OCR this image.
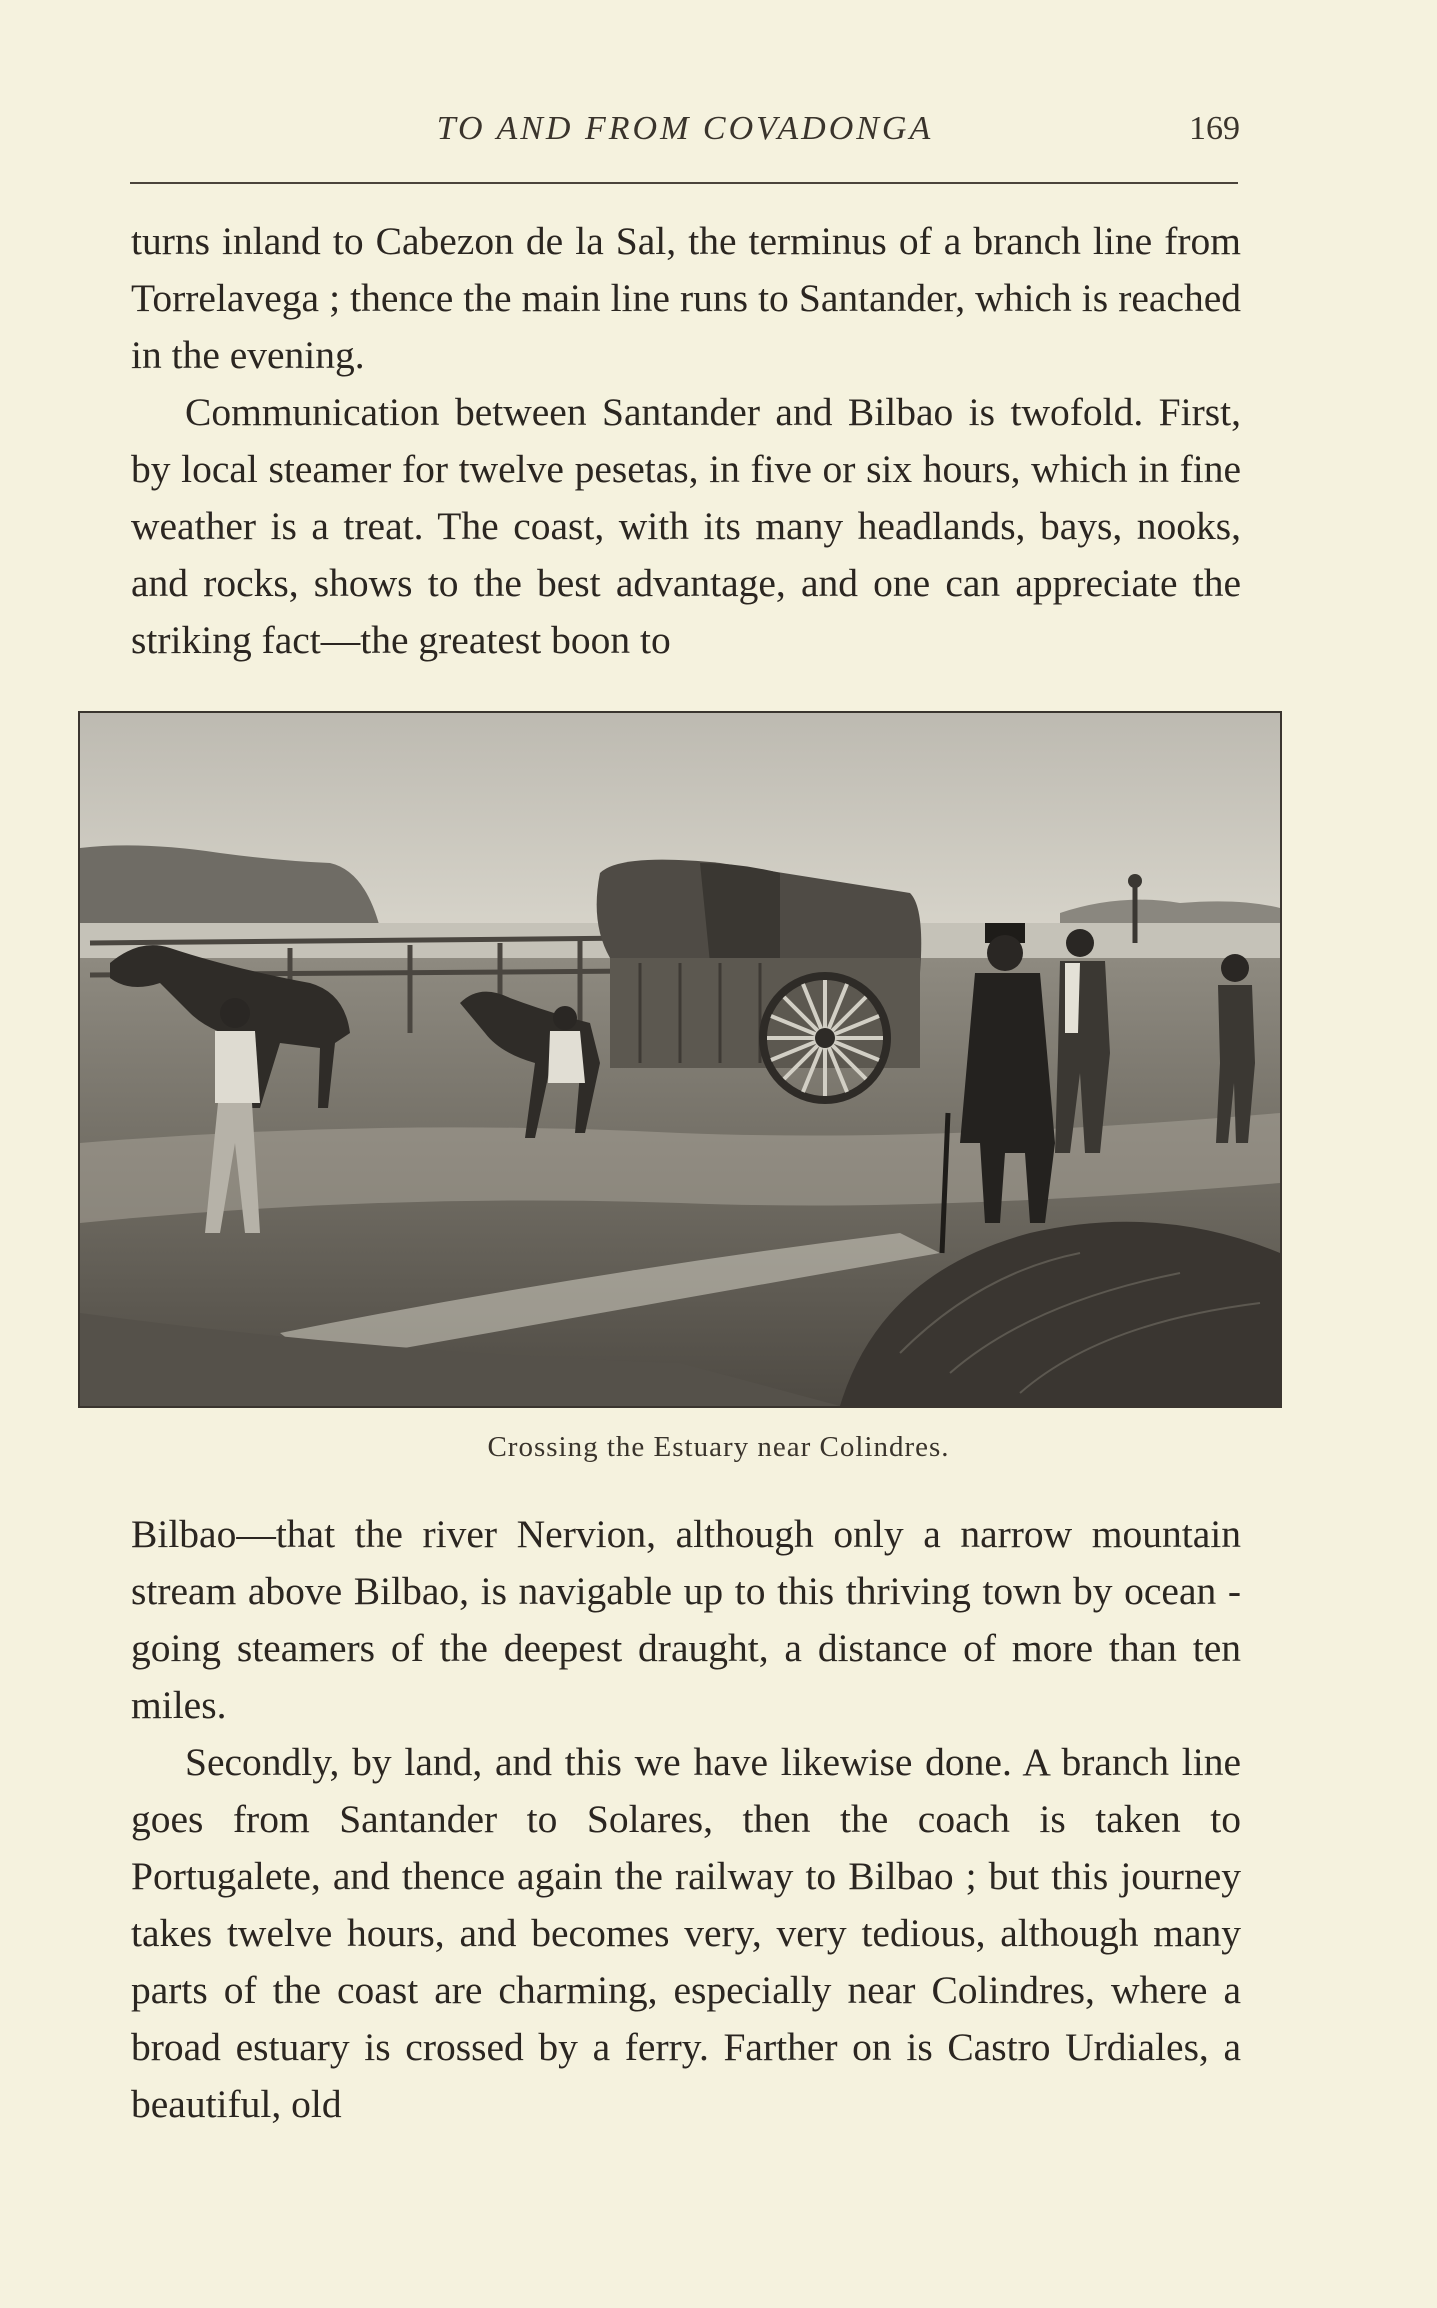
TO AND FROM COVADONGA	169

turns inland to Cabezon de la Sal, the terminus of a branch line from Torrelavega ; thence the main line runs to Santander, which is reached in the evening.

Communication between Santander and Bilbao is twofold. First, by local steamer for twelve pesetas, in five or six hours, which in fine weather is a treat. The coast, with its many headlands, bays, nooks, and rocks, shows to the best advantage, and one can appreciate the striking fact—the greatest boon to

Crossing the Estuary near Colindres.

Bilbao—that the river Nervion, although only a narrow mountain stream above Bilbao, is navigable up to this thriving town by ocean - going steamers of the deepest draught, a distance of more than ten miles.

Secondly, by land, and this we have likewise done. A branch line goes from Santander to Solares, then the coach is taken to Portugalete, and thence again the railway to Bilbao ; but this journey takes twelve hours, and becomes very, very tedious, although many parts of the coast are charming, especially near Colindres, where a broad estuary is crossed by a ferry. Farther on is Castro Urdiales, a beautiful, old
